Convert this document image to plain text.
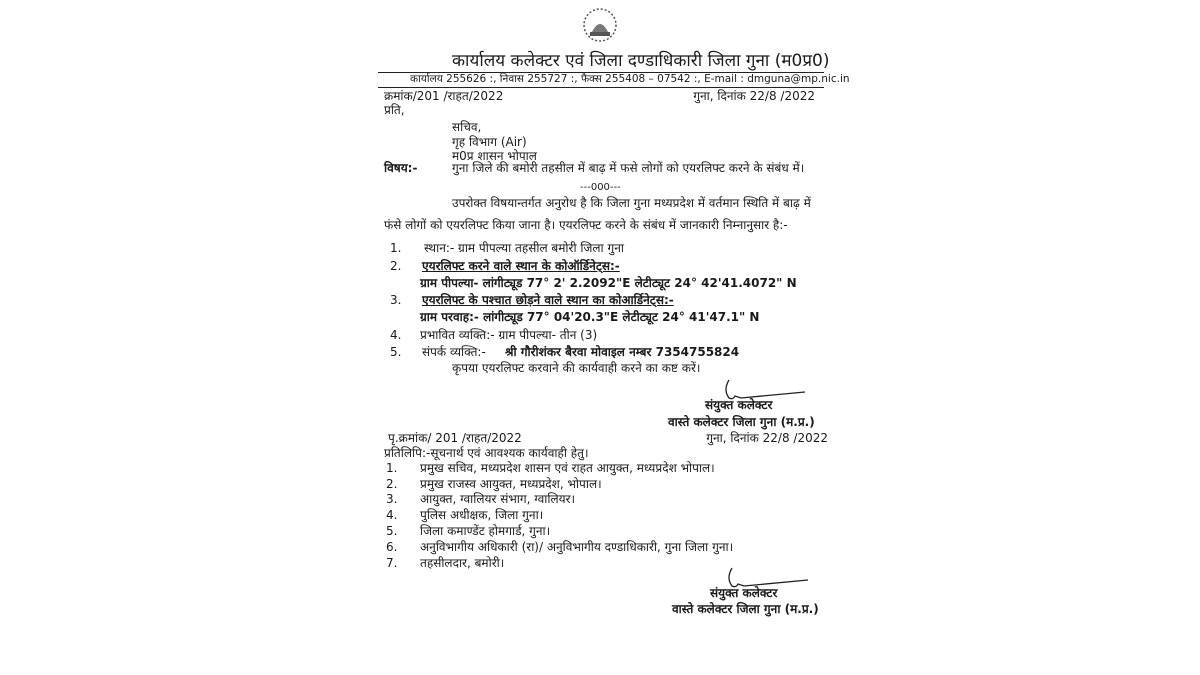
कार्यालय कलेक्टर एवं जिला दण्डाधिकारी जिला गुना (म0प्र0)
कार्यालय 255626 :, निवास 255727 :, फैक्स 255408 – 07542 :, E-mail : dmguna@mp.nic.in
क्रमांक/201 /राहत/2022	गुना, दिनांक 22/8 /2022
प्रति,
सचिव,
गृह विभाग (Air)
म0प्र शासन भोपाल
विषय:-	गुना जिले की बमोरी तहसील में बाढ़ में फसे लोगों को एयरलिफ्ट करने के संबंध में।
---000---
उपरोक्त विषयान्तर्गत अनुरोध है कि जिला गुना मध्यप्रदेश में वर्तमान स्थिति में बाढ़ में
फंसे लोगों को एयरलिफ्ट किया जाना है। एयरलिफ्ट करने के संबंध में जानकारी निम्नानुसार है:-
1. स्थान:- ग्राम पीपल्या तहसील बमोरी जिला गुना
2. एयरलिफ्ट करने वाले स्थान के कोऑर्डिनेट्स:-
ग्राम पीपल्या- लांगीट्यूड 77° 2' 2.2092"E लेटीट्यूट 24° 42'41.4072" N
3. एयरलिफ्ट के पश्चात छोड़ने वाले स्थान का कोआर्डिनेट्स:-
ग्राम परवाह:- लांगीट्यूड 77° 04'20.3"E लेटीट्यूट 24° 41'47.1" N
4. प्रभावित व्यक्ति:- ग्राम पीपल्या- तीन (3)
5. संपर्क व्यक्ति:- श्री गौरीशंकर बैरवा मोवाइल नम्बर 7354755824
कृपया एयरलिफ्ट करवाने की कार्यवाही करने का कष्ट करें।
संयुक्त कलेक्टर
वास्ते कलेक्टर जिला गुना (म.प्र.)
गुना, दिनांक 22/8 /2022
पृ.क्रमांक/ 201 /राहत/2022
प्रतिलिपि:-सूचनार्थ एवं आवश्यक कार्यवाही हेतु।
1. प्रमुख सचिव, मध्यप्रदेश शासन एवं राहत आयुक्त, मध्यप्रदेश भोपाल।
2. प्रमुख राजस्व आयुक्त, मध्यप्रदेश, भोपाल।
3. आयुक्त, ग्वालियर संभाग, ग्वालियर।
4. पुलिस अधीक्षक, जिला गुना।
5. जिला कमाण्डेंट होमगार्ड, गुना।
6. अनुविभागीय अधिकारी (रा)/ अनुविभागीय दण्डाधिकारी, गुना जिला गुना।
7. तहसीलदार, बमोरी।
संयुक्त कलेक्टर
वास्ते कलेक्टर जिला गुना (म.प्र.)
